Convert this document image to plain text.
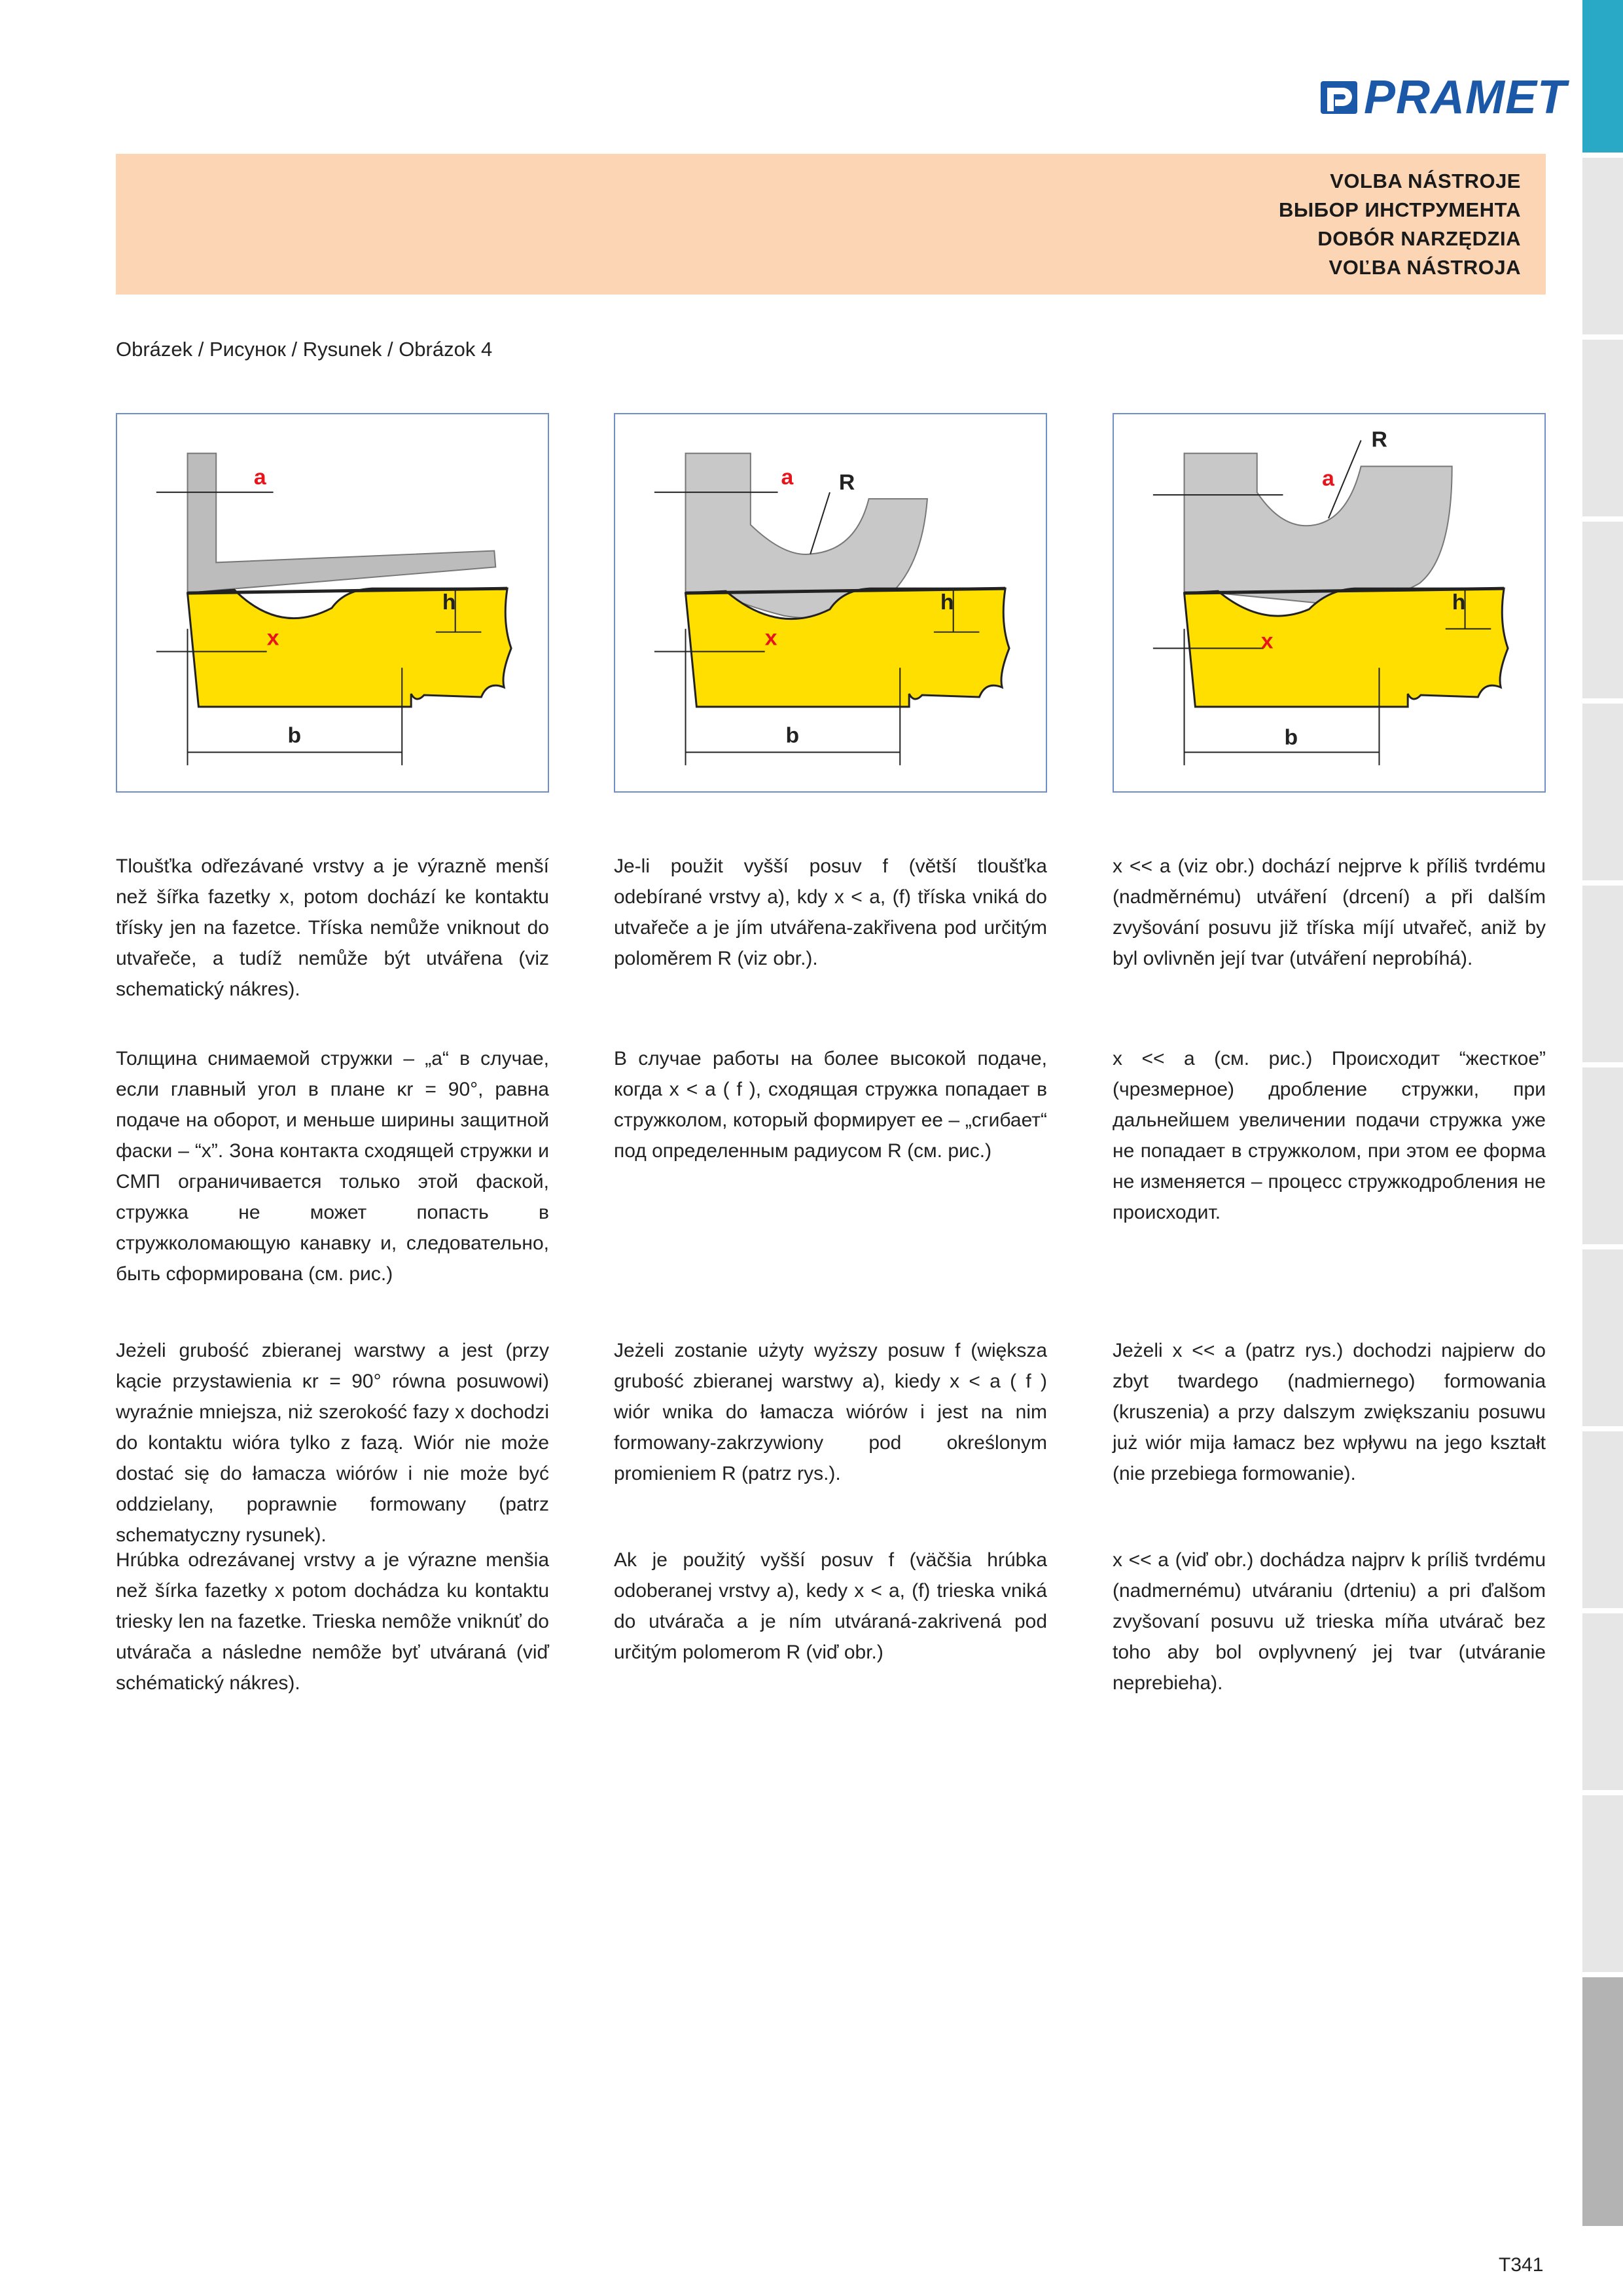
PRAMET
VOLBA NÁSTROJE
ВЫБОР ИНСТРУМЕНТА
DOBÓR NARZĘDZIA
VOĽBA NÁSTROJA
Obrázek / Рисунок / Rysunek / Obrázok 4
a
x
h
b
a R
x
h
b
a
R
x
h
b
Tloušťka odřezávané vrstvy a je výrazně menší než šířka fazetky x, potom dochází ke kontaktu třísky jen na fazetce. Tříska nemůže vniknout do utvařeče, a tudíž nemůže být utvářena (viz schematický nákres).
Je-li použit vyšší posuv f (větší tloušťka odebírané vrstvy a), kdy x < a, (f) tříska vniká do utvařeče a je jím utvářena-zakřivena pod určitým poloměrem R (viz obr.).
x << a (viz obr.) dochází nejprve k příliš tvrdému (nadměrnému) utváření (drcení) a při dalším zvyšování posuvu již tříska míjí utvařeč, aniž by byl ovlivněn její tvar (utváření neprobíhá).
Толщина снимаемой стружки – „a“ в случае, если главный угол в плане κr = 90°, равна подаче на оборот, и меньше ширины защитной фаски – “x”. Зона контакта сходящей стружки и СМП ограничивается только этой фаской, стружка не может попасть в стружколомающую канавку и, следовательно, быть сформирована (см. рис.)
В случае работы на более высокой подаче, когда x < a ( f ), сходящая стружка попадает в стружколом, который формирует ее – „сгибает“ под определенным радиусом R (см. рис.)
x << a (см. рис.) Происходит “жесткое” (чрезмерное) дробление стружки, при дальнейшем увеличении подачи стружка уже не попадает в стружколом, при этом ее форма не изменяется – процесс стружкодробления не происходит.
Jeżeli grubość zbieranej warstwy a jest (przy kącie przystawienia κr = 90° równa posuwowi) wyraźnie mniejsza, niż szerokość fazy x dochodzi do kontaktu wióra tylko z fazą. Wiór nie może dostać się do łamacza wiórów i nie może być oddzielany, poprawnie formowany (patrz schematyczny rysunek).
Jeżeli zostanie użyty wyższy posuw f (większa grubość zbieranej warstwy a), kiedy x < a ( f ) wiór wnika do łamacza wiórów i jest na nim formowany-zakrzywiony pod określonym promieniem R (patrz rys.).
Jeżeli x << a (patrz rys.) dochodzi najpierw do zbyt twardego (nadmiernego) formowania (kruszenia) a przy dalszym zwiększaniu posuwu już wiór mija łamacz bez wpływu na jego kształt (nie przebiega formowanie).
Hrúbka odrezávanej vrstvy a je výrazne menšia než šírka fazetky x potom dochádza ku kontaktu triesky len na fazetke. Trieska nemôže vniknúť do utvárača a následne nemôže byť utváraná (viď schématický nákres).
Ak je použitý vyšší posuv f (väčšia hrúbka odoberanej vrstvy a), kedy x < a, (f) trieska vniká do utvárača a je ním utváraná-zakrivená pod určitým polomerom R (viď obr.)
x << a (viď obr.) dochádza najprv k príliš tvrdému (nadmernému) utváraniu (drteniu) a pri ďalšom zvyšovaní posuvu už trieska míňa utvárač bez toho aby bol ovplyvnený jej tvar (utváranie neprebieha).
T341
